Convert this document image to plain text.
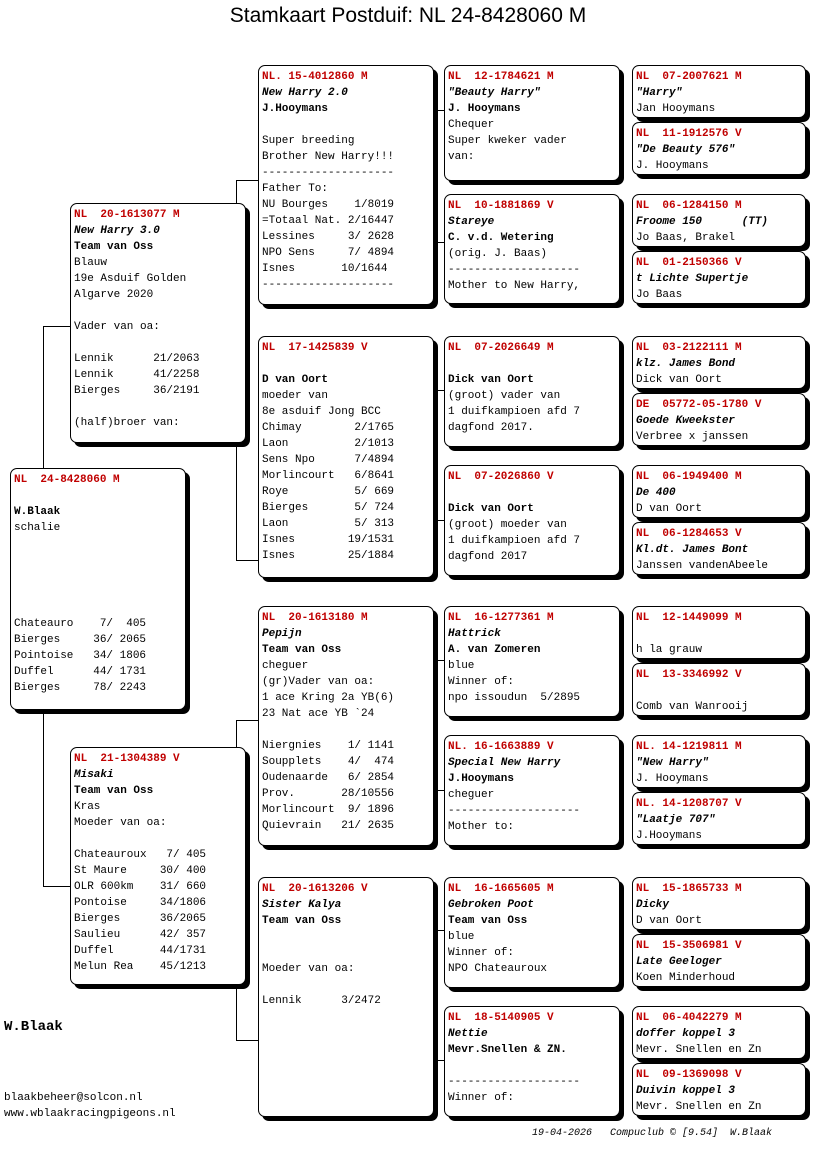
Stamkaart Postduif: NL 24-8428060 M
NL  24-8428060 M
W.Blaak
schalie
Chateauro    7/  405
Bierges     36/ 2065
Pointoise   34/ 1806
Duffel      44/ 1731
Bierges     78/ 2243
NL  20-1613077 M
New Harry 3.0
Team van Oss
Blauw
19e Asduif Golden
Algarve 2020
Vader van oa:
Lennik      21/2063
Lennik      41/2258
Bierges     36/2191
(half)broer van:
NL  21-1304389 V
Misaki
Team van Oss
Kras
Moeder van oa:
Chateauroux   7/ 405
St Maure     30/ 400
OLR 600km    31/ 660
Pontoise     34/1806
Bierges      36/2065
Saulieu      42/ 357
Duffel       44/1731
Melun Rea    45/1213
NL. 15-4012860 M
New Harry 2.0
J.Hooymans
Super breeding
Brother New Harry!!!
--------------------
Father To:
NU Bourges    1/8019
=Totaal Nat. 2/16447
Lessines     3/ 2628
NPO Sens     7/ 4894
Isnes       10/1644
--------------------
NL  17-1425839 V
D van Oort
moeder van
8e asduif Jong BCC
Chimay        2/1765
Laon          2/1013
Sens Npo      7/4894
Morlincourt   6/8641
Roye          5/ 669
Bierges       5/ 724
Laon          5/ 313
Isnes        19/1531
Isnes        25/1884
NL  20-1613180 M
Pepijn
Team van Oss
cheguer
(gr)Vader van oa:
1 ace Kring 2a YB(6)
23 Nat ace YB `24
Niergnies    1/ 1141
Soupplets    4/  474
Oudenaarde   6/ 2854
Prov.       28/10556
Morlincourt  9/ 1896
Quievrain   21/ 2635
NL  20-1613206 V
Sister Kalya
Team van Oss
Moeder van oa:
Lennik      3/2472
NL  12-1784621 M
"Beauty Harry"
J. Hooymans
Chequer
Super kweker vader
van:
NL  10-1881869 V
Stareye
C. v.d. Wetering
(orig. J. Baas)
--------------------
Mother to New Harry,
NL  07-2026649 M
Dick van Oort
(groot) vader van
1 duifkampioen afd 7
dagfond 2017.
NL  07-2026860 V
Dick van Oort
(groot) moeder van
1 duifkampioen afd 7
dagfond 2017
NL  16-1277361 M
Hattrick
A. van Zomeren
blue
Winner of:
npo issoudun  5/2895
NL. 16-1663889 V
Special New Harry
J.Hooymans
cheguer
--------------------
Mother to:
NL  16-1665605 M
Gebroken Poot
Team van Oss
blue
Winner of:
NPO Chateauroux
NL  18-5140905 V
Nettie
Mevr.Snellen & ZN.
--------------------
Winner of:
NL  07-2007621 M
"Harry"
Jan Hooymans
NL  11-1912576 V
"De Beauty 576"
J. Hooymans
NL  06-1284150 M
Froome 150      (TT)
Jo Baas, Brakel
NL  01-2150366 V
t Lichte Supertje
Jo Baas
NL  03-2122111 M
klz. James Bond
Dick van Oort
DE  05772-05-1780 V
Goede Kweekster
Verbree x janssen
NL  06-1949400 M
De 400
D van Oort
NL  06-1284653 V
Kl.dt. James Bont
Janssen vandenAbeele
NL  12-1449099 M
h la grauw
NL  13-3346992 V
Comb van Wanrooij
NL. 14-1219811 M
"New Harry"
J. Hooymans
NL. 14-1208707 V
"Laatje 707"
J.Hooymans
NL  15-1865733 M
Dicky
D van Oort
NL  15-3506981 V
Late Geeloger
Koen Minderhoud
NL  06-4042279 M
doffer koppel 3
Mevr. Snellen en Zn
NL  09-1369098 V
Duivin koppel 3
Mevr. Snellen en Zn
W.Blaak
blaakbeheer@solcon.nl
www.wblaakracingpigeons.nl
19-04-2026   Compuclub © [9.54]  W.Blaak
